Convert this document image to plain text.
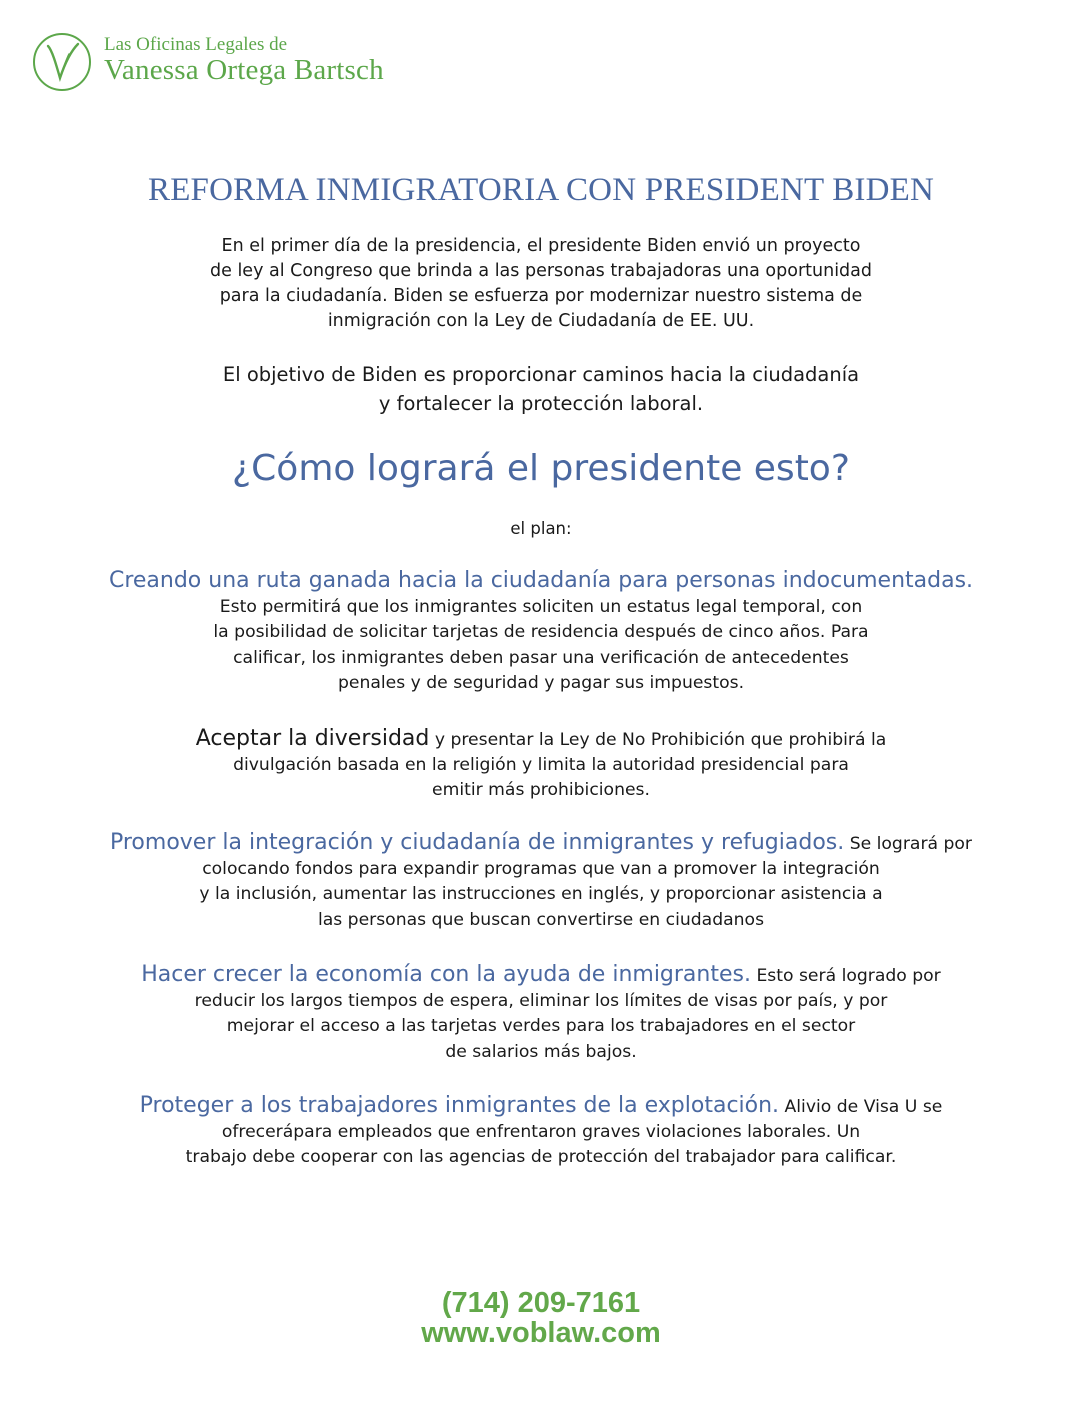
Las Oficinas Legales de
Vanessa Ortega Bartsch
REFORMA INMIGRATORIA CON PRESIDENT BIDEN
En el primer día de la presidencia, el presidente Biden envió un proyecto
de ley al Congreso que brinda a las personas trabajadoras una oportunidad
para la ciudadanía. Biden se esfuerza por modernizar nuestro sistema de
inmigración con la Ley de Ciudadanía de EE. UU.
El objetivo de Biden es proporcionar caminos hacia la ciudadanía
y fortalecer la protección laboral.
¿Cómo logrará el presidente esto?
el plan:
Creando una ruta ganada hacia la ciudadanía para personas indocumentadas.
Esto permitirá que los inmigrantes soliciten un estatus legal temporal, con
la posibilidad de solicitar tarjetas de residencia después de cinco años. Para
calificar, los inmigrantes deben pasar una verificación de antecedentes
penales y de seguridad y pagar sus impuestos.
Aceptar la diversidad y presentar la Ley de No Prohibición que prohibirá la
divulgación basada en la religión y limita la autoridad presidencial para
emitir más prohibiciones.
Promover la integración y ciudadanía de inmigrantes y refugiados. Se logrará por
colocando fondos para expandir programas que van a promover la integración
y la inclusión, aumentar las instrucciones en inglés, y proporcionar asistencia a
las personas que buscan convertirse en ciudadanos
Hacer crecer la economía con la ayuda de inmigrantes. Esto será logrado por
reducir los largos tiempos de espera, eliminar los límites de visas por país, y por
mejorar el acceso a las tarjetas verdes para los trabajadores en el sector
de salarios más bajos.
Proteger a los trabajadores inmigrantes de la explotación. Alivio de Visa U se
ofrecerápara empleados que enfrentaron graves violaciones laborales. Un
trabajo debe cooperar con las agencias de protección del trabajador para calificar.
(714) 209-7161
www.voblaw.com
